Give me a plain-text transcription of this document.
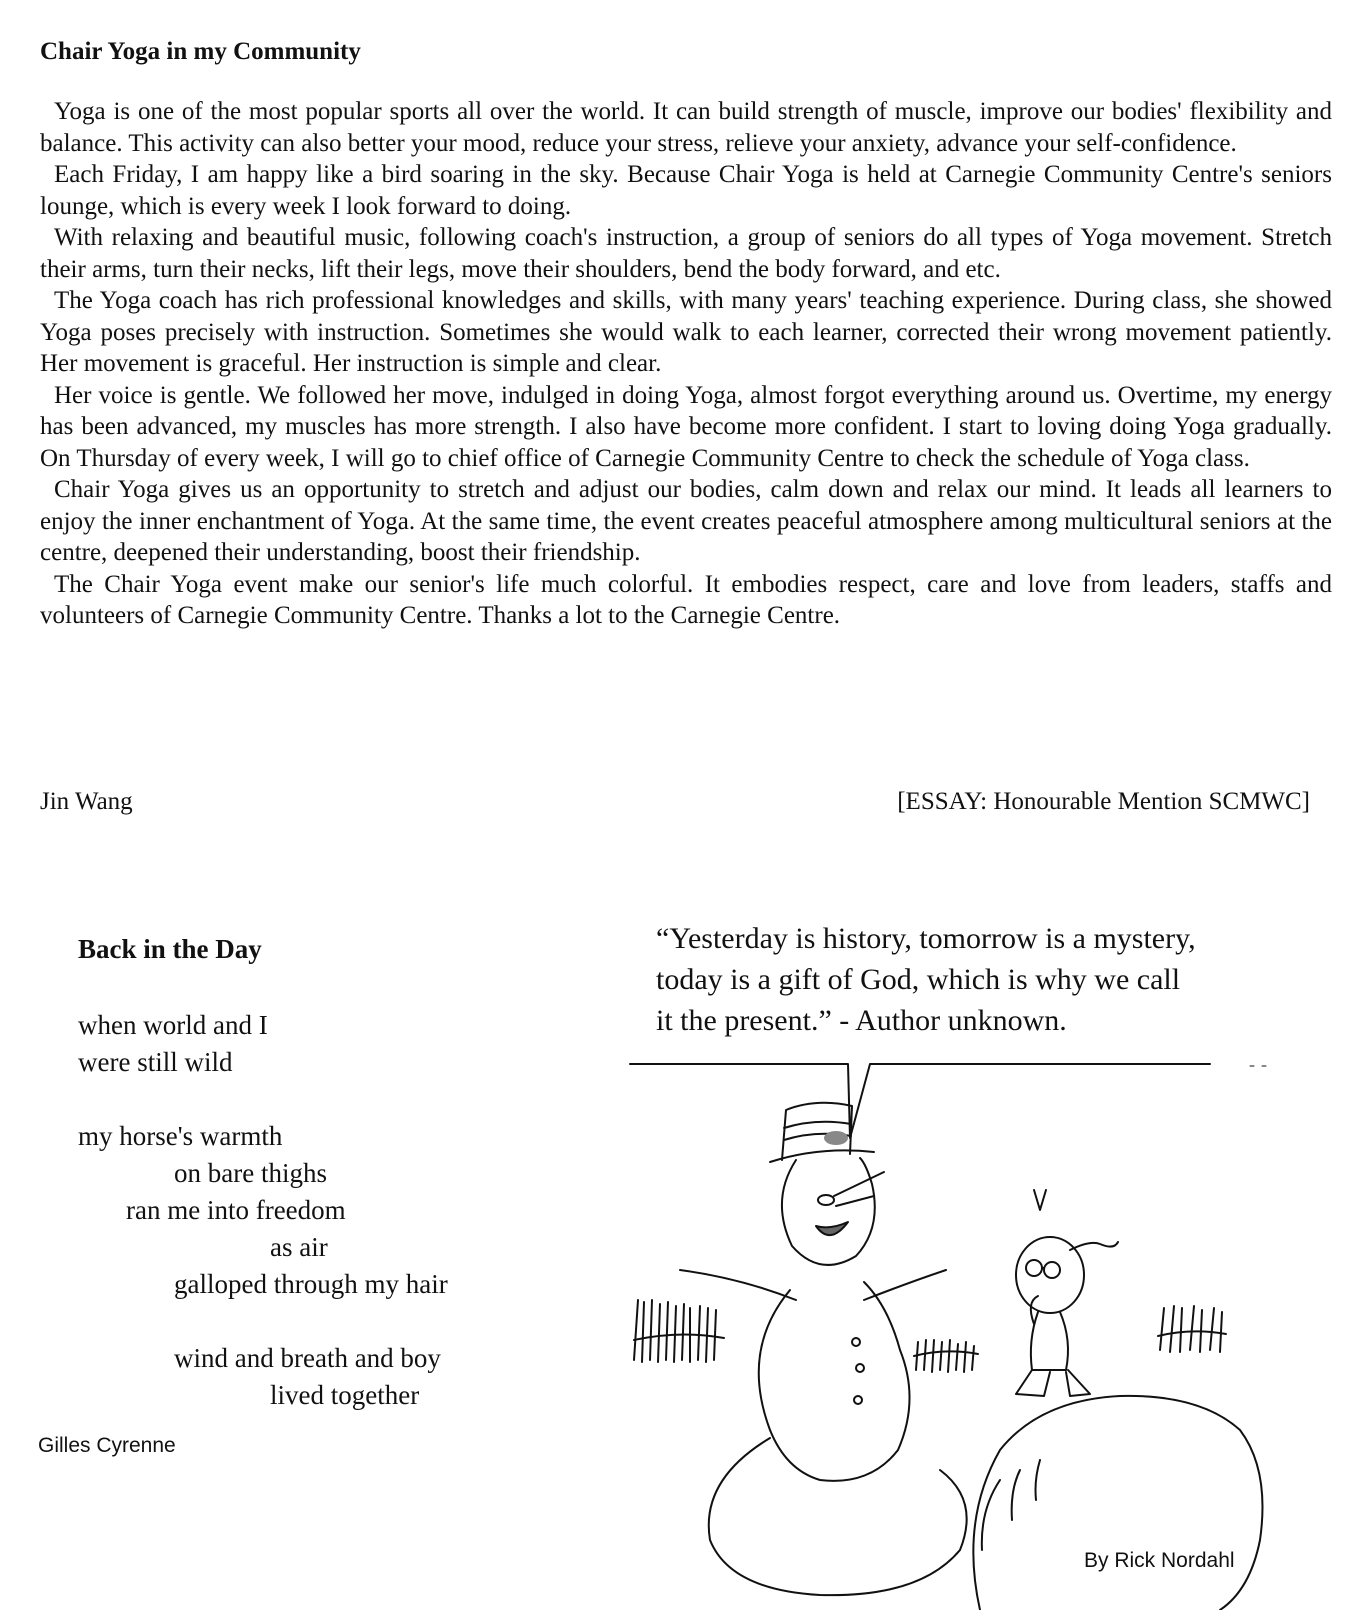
Chair Yoga in my Community

Yoga is one of the most popular sports all over the world. It can build strength of muscle, improve our bodies' flexibility and balance. This activity can also better your mood, reduce your stress, relieve your anxiety, advance your self-confidence.

Each Friday, I am happy like a bird soaring in the sky. Because Chair Yoga is held at Carnegie Community Centre's seniors lounge, which is every week I look forward to doing.

With relaxing and beautiful music, following coach's instruction, a group of seniors do all types of Yoga movement. Stretch their arms, turn their necks, lift their legs, move their shoulders, bend the body forward, and etc.

The Yoga coach has rich professional knowledges and skills, with many years' teaching experience. During class, she showed Yoga poses precisely with instruction. Sometimes she would walk to each learner, corrected their wrong movement patiently. Her movement is graceful. Her instruction is simple and clear.

Her voice is gentle. We followed her move, indulged in doing Yoga, almost forgot everything around us. Overtime, my energy has been advanced, my muscles has more strength. I also have become more confident. I start to loving doing Yoga gradually. On Thursday of every week, I will go to chief office of Carnegie Community Centre to check the schedule of Yoga class.

Chair Yoga gives us an opportunity to stretch and adjust our bodies, calm down and relax our mind. It leads all learners to enjoy the inner enchantment of Yoga. At the same time, the event creates peaceful atmosphere among multicultural seniors at the centre, deepened their understanding, boost their friendship.

The Chair Yoga event make our senior's life much colorful. It embodies respect, care and love from leaders, staffs and volunteers of Carnegie Community Centre. Thanks a lot to the Carnegie Centre.

Jin Wang	[ESSAY: Honourable Mention SCMWC]
Back in the Day
when world and I
were still wild
my horse's warmth
on bare thighs
ran me into freedom
as air
galloped through my hair
wind and breath and boy
lived together
Gilles Cyrenne
“Yesterday is history, tomorrow is a mystery,
today is a gift of God, which is why we call
it the present.” - Author unknown.
By Rick Nordahl
